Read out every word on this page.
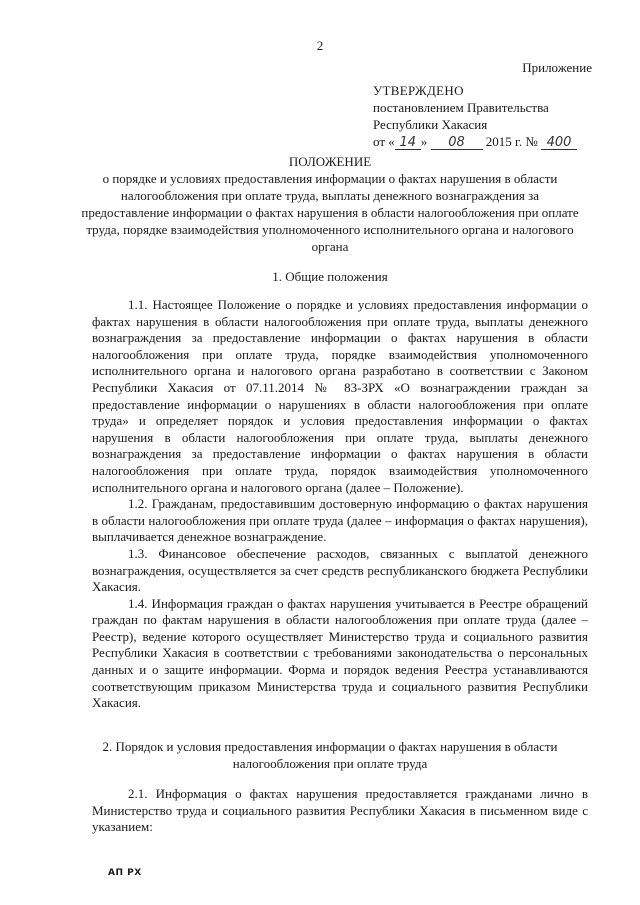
2
Приложение
УТВЕРЖДЕНО
постановлением Правительства
Республики Хакасия
от « 14 » 08 2015 г. № 400
ПОЛОЖЕНИЕ
о порядке и условиях предоставления информации о фактах нарушения в области налогообложения при оплате труда, выплаты денежного вознаграждения за предоставление информации о фактах нарушения в области налогообложения при оплате труда, порядке взаимодействия уполномоченного исполнительного органа и налогового органа
1. Общие положения

1.1. Настоящее Положение о порядке и условиях предоставления информации о фактах нарушения в области налогообложения при оплате труда, выплаты денежного вознаграждения за предоставление информации о фактах нарушения в области налогообложения при оплате труда, порядке взаимодействия уполномоченного исполнительного органа и налогового органа разработано в соответствии с Законом Республики Хакасия от 07.11.2014 № 83-ЗРХ «О вознаграждении граждан за предоставление информации о нарушениях в области налогообложения при оплате труда» и определяет порядок и условия предоставления информации о фактах нарушения в области налогообложения при оплате труда, выплаты денежного вознаграждения за предоставление информации о фактах нарушения в области налогообложения при оплате труда, порядок взаимодействия уполномоченного исполнительного органа и налогового органа (далее – Положение).

1.2. Гражданам, предоставившим достоверную информацию о фактах нарушения в области налогообложения при оплате труда (далее – информация о фактах нарушения), выплачивается денежное вознаграждение.

1.3. Финансовое обеспечение расходов, связанных с выплатой денежного вознаграждения, осуществляется за счет средств республиканского бюджета Республики Хакасия.

1.4. Информация граждан о фактах нарушения учитывается в Реестре обращений граждан по фактам нарушения в области налогообложения при оплате труда (далее – Реестр), ведение которого осуществляет Министерство труда и социального развития Республики Хакасия в соответствии с требованиями законодательства о персональных данных и о защите информации. Форма и порядок ведения Реестра устанавливаются соответствующим приказом Министерства труда и социального развития Республики Хакасия.

2. Порядок и условия предоставления информации о фактах нарушения в области налогообложения при оплате труда

2.1. Информация о фактах нарушения предоставляется гражданами лично в Министерство труда и социального развития Республики Хакасия в письменном виде с указанием:

АП РХ
